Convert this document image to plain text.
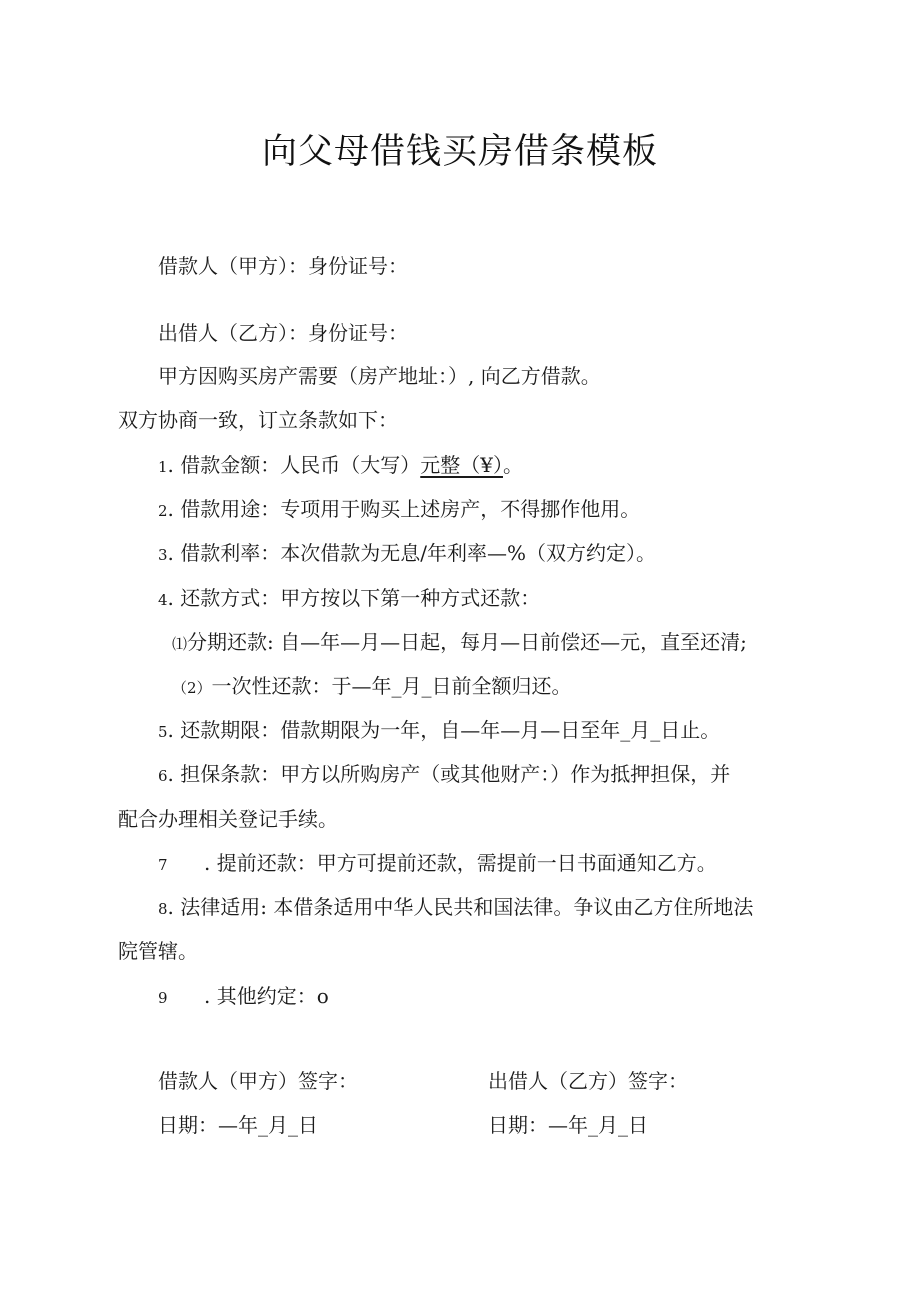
向父母借钱买房借条模板
借款人（甲方）：身份证号：
出借人（乙方）：身份证号：
甲方因购买房产需要（房产地址：）, 向乙方借款。
双方协商一致，订立条款如下：
1. 借款金额：人民币（大写）元整（¥）。
2. 借款用途：专项用于购买上述房产，不得挪作他用。
3. 借款利率：本次借款为无息/年利率—%（双方约定）。
4. 还款方式：甲方按以下第一种方式还款：
⑴分期还款: 自—年—月—日起，每月—日前偿还—元，直至还清;
（2）一次性还款：于—年_月_日前全额归还。
5. 还款期限：借款期限为一年，自—年—月—日至年_月_日止。
6. 担保条款：甲方以所购房产（或其他财产：）作为抵押担保，并
配合办理相关登记手续。
7 . 提前还款：甲方可提前还款，需提前一日书面通知乙方。
8. 法律适用: 本借条适用中华人民共和国法律。争议由乙方住所地法
院管辖。
9 . 其他约定：o
借款人（甲方）签字：	出借人（乙方）签字：
日期：—年_月_日	日期：—年_月_日
